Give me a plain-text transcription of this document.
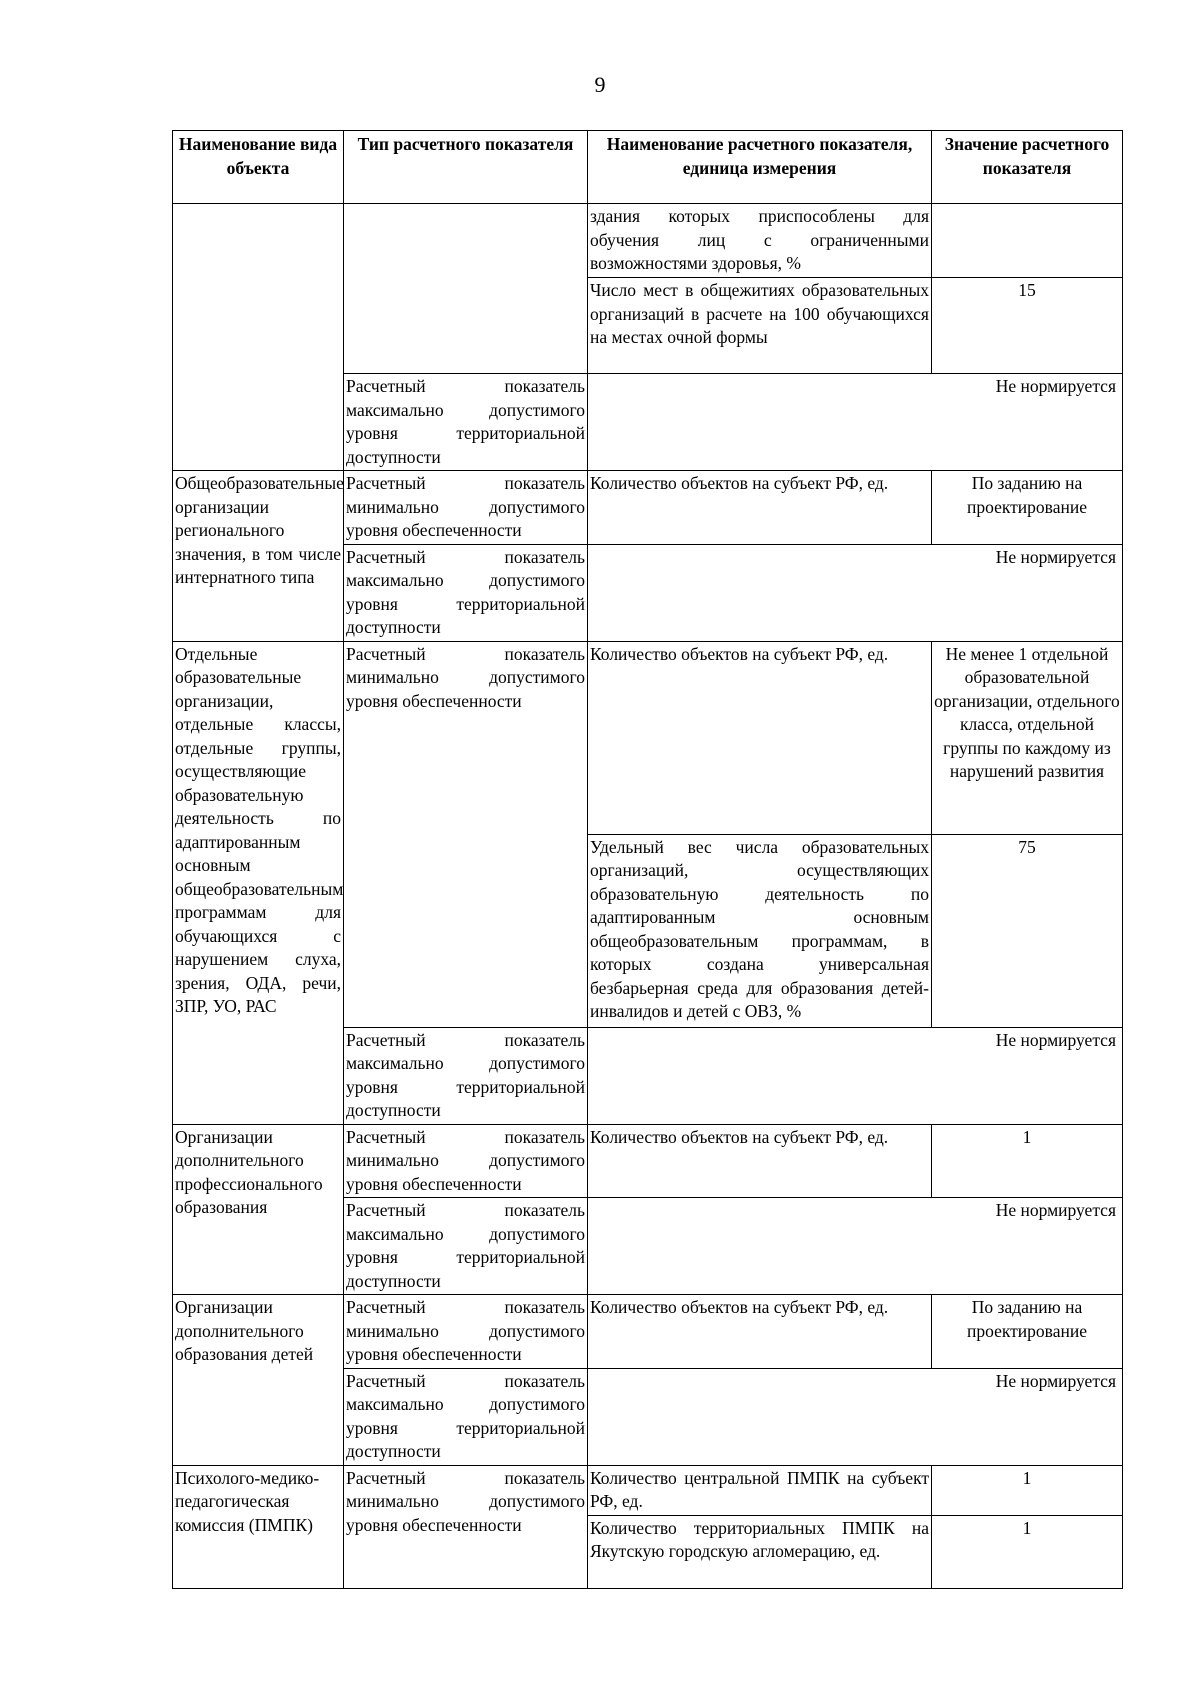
9
Наименование вида объекта	Тип расчетного показателя	Наименование расчетного показателя, единица измерения	Значение расчетного показателя
		здания которых приспособлены для обучения лиц с ограниченными возможностями здоровья, %	
		Число мест в общежитиях образовательных организаций в расчете на 100 обучающихся на местах очной формы	15
	Расчетный показатель максимально допустимого уровня территориальной доступности	Не нормируется	
Общеобразовательные организации регионального значения, в том числе интернатного типа	Расчетный показатель минимально допустимого уровня обеспеченности	Количество объектов на субъект РФ, ед.	По заданию на проектирование
	Расчетный показатель максимально допустимого уровня территориальной доступности	Не нормируется	
Отдельные образовательные организации, отдельные классы, отдельные группы, осуществляющие образовательную деятельность по адаптированным основным общеобразовательным программам для обучающихся с нарушением слуха, зрения, ОДА, речи, ЗПР, УО, РАС	Расчетный показатель минимально допустимого уровня обеспеченности	Количество объектов на субъект РФ, ед.	Не менее 1 отдельной образовательной организации, отдельного класса, отдельной группы по каждому из нарушений развития
		Удельный вес числа образовательных организаций, осуществляющих образовательную деятельность по адаптированным основным общеобразовательным программам, в которых создана универсальная безбарьерная среда для образования детей-инвалидов и детей с ОВЗ, %	75
	Расчетный показатель максимально допустимого уровня территориальной доступности	Не нормируется	
Организации дополнительного профессионального образования	Расчетный показатель минимально допустимого уровня обеспеченности	Количество объектов на субъект РФ, ед.	1
	Расчетный показатель максимально допустимого уровня территориальной доступности	Не нормируется	
Организации дополнительного образования детей	Расчетный показатель минимально допустимого уровня обеспеченности	Количество объектов на субъект РФ, ед.	По заданию на проектирование
	Расчетный показатель максимально допустимого уровня территориальной доступности	Не нормируется	
Психолого-медико-педагогическая комиссия (ПМПК)	Расчетный показатель минимально допустимого уровня обеспеченности	Количество центральной ПМПК на субъект РФ, ед.	1
		Количество территориальных ПМПК на Якутскую городскую агломерацию, ед.	1
